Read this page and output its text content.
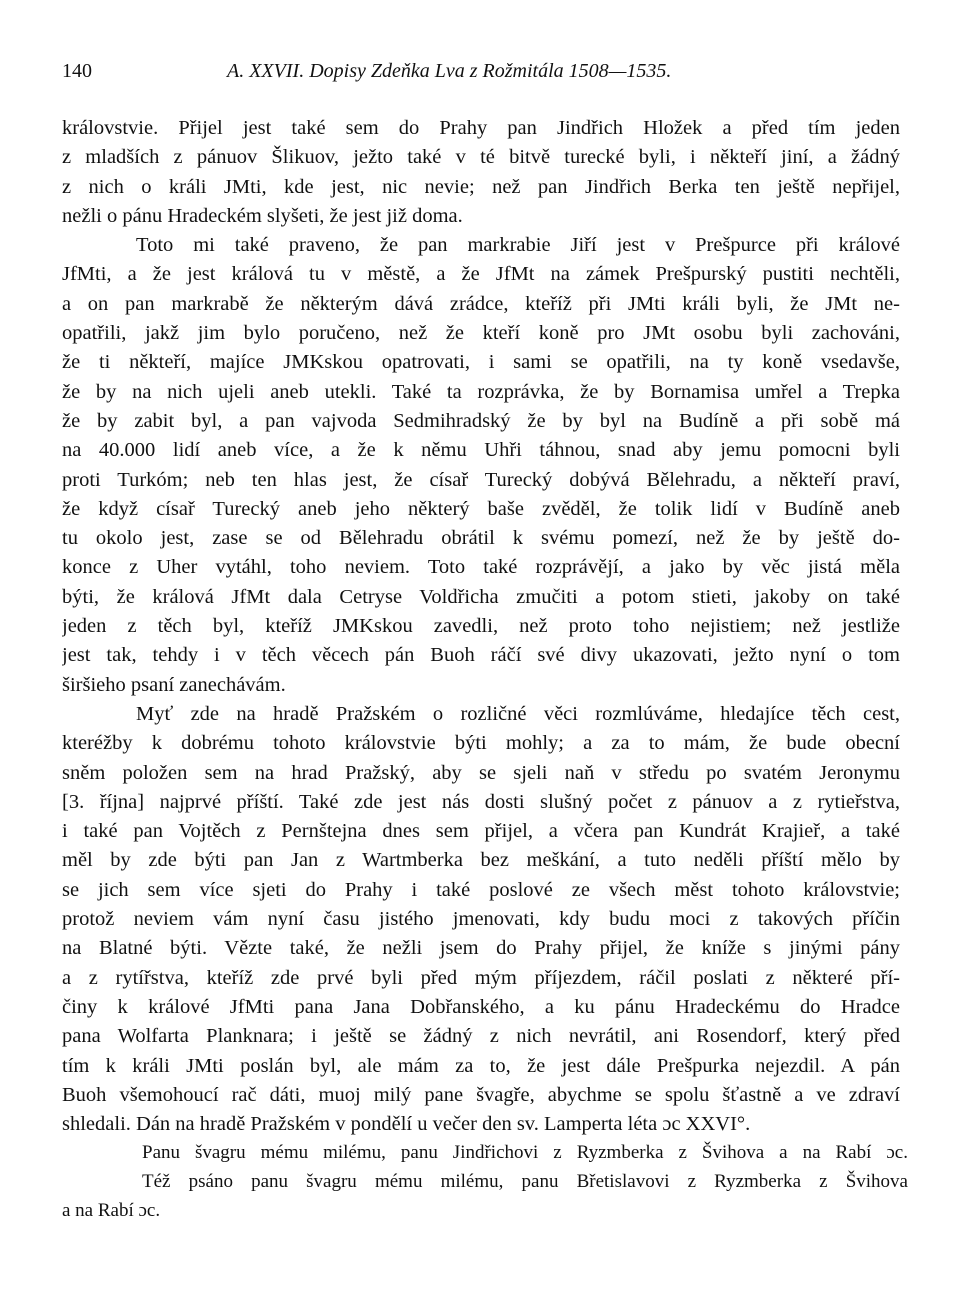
140	A. XXVII. Dopisy Zdeňka Lva z Rožmitála 1508—1535.
královstvie. Přijel jest také sem do Prahy pan Jindřich Hložek a před tím jeden
z mladších z pánuov Šlikuov, ježto také v té bitvě turecké byli, i někteří jiní, a žádný
z nich o králi JMti, kde jest, nic nevie; než pan Jindřich Berka ten ještě nepřijel,
nežli o pánu Hradeckém slyšeti, že jest již doma.
Toto mi také praveno, že pan markrabie Jiří jest v Prešpurce při králové
JfMti, a že jest králová tu v městě, a že JfMt na zámek Prešpurský pustiti nechtěli,
a on pan markrabě že některým dává zrádce, kteříž při JMti králi byli, že JMt ne-
opatřili, jakž jim bylo poručeno, než že kteří koně pro JMt osobu byli zachováni,
že ti někteří, majíce JMKskou opatrovati, i sami se opatřili, na ty koně vsedavše,
že by na nich ujeli aneb utekli. Také ta rozprávka, že by Bornamisa umřel a Trepka
že by zabit byl, a pan vajvoda Sedmihradský že by byl na Budíně a při sobě má
na 40.000 lidí aneb více, a že k němu Uhři táhnou, snad aby jemu pomocni byli
proti Turkóm; neb ten hlas jest, že císař Turecký dobývá Bělehradu, a někteří praví,
že když císař Turecký aneb jeho některý baše zvěděl, že tolik lidí v Budíně aneb
tu okolo jest, zase se od Bělehradu obrátil k svému pomezí, než že by ještě do-
konce z Uher vytáhl, toho neviem. Toto také rozprávějí, a jako by věc jistá měla
býti, že králová JfMt dala Cetryse Voldřicha zmučiti a potom stieti, jakoby on také
jeden z těch byl, kteříž JMKskou zavedli, než proto toho nejistiem; než jestliže
jest tak, tehdy i v těch věcech pán Buoh ráčí své divy ukazovati, ježto nyní o tom
širšieho psaní zanechávám.
Myť zde na hradě Pražském o rozličné věci rozmlúváme, hledajíce těch cest,
kteréžby k dobrému tohoto královstvie býti mohly; a za to mám, že bude obecní
sněm položen sem na hrad Pražský, aby se sjeli naň v středu po svatém Jeronymu
[3. října] najprvé příští. Také zde jest nás dosti slušný počet z pánuov a z rytieřstva,
i také pan Vojtěch z Pernštejna dnes sem přijel, a včera pan Kundrát Krajieř, a také
měl by zde býti pan Jan z Wartmberka bez meškání, a tuto neděli příští mělo by
se jich sem více sjeti do Prahy i také poslové ze všech měst tohoto královstvie;
protož neviem vám nyní času jistého jmenovati, kdy budu moci z takových příčin
na Blatné býti. Vězte také, že nežli jsem do Prahy přijel, že kníže s jinými pány
a z rytířstva, kteříž zde prvé byli před mým příjezdem, ráčil poslati z některé pří-
činy k králové JfMti pana Jana Dobřanského, a ku pánu Hradeckému do Hradce
pana Wolfarta Planknara; i ještě se žádný z nich nevrátil, ani Rosendorf, který před
tím k králi JMti poslán byl, ale mám za to, že jest dále Prešpurka nejezdil. A pán
Buoh všemohoucí rač dáti, muoj milý pane švagře, abychme se spolu šťastně a ve zdraví
shledali. Dán na hradě Pražském v pondělí u večer den sv. Lamperta léta ɔc XXVI°.
Panu švagru mému milému, panu Jindřichovi z Ryzmberka z Švihova a na Rabí ɔc.
Též psáno panu švagru mému milému, panu Břetislavovi z Ryzmberka z Švihova
a na Rabí ɔc.
